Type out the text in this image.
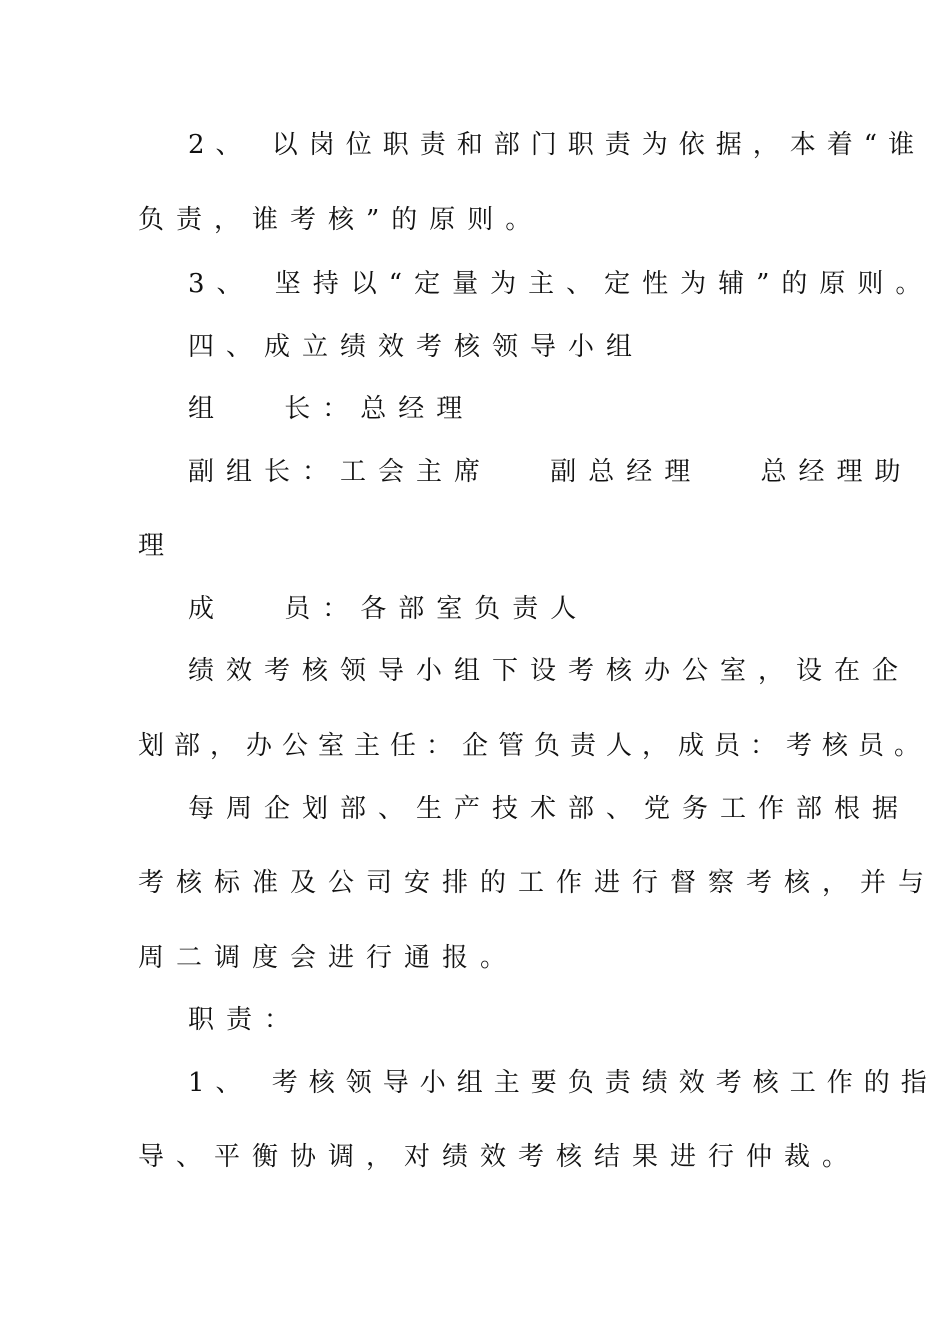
2、 以岗位职责和部门职责为依据，本着“谁
负责，谁考核”的原则。
3、 坚持以“定量为主、定性为辅”的原则。
四、成立绩效考核领导小组
组　 长：总经理
副组长：工会主席　 副总经理　 总经理助
理
成　 员：各部室负责人
绩效考核领导小组下设考核办公室，设在企
划部，办公室主任：企管负责人，成员：考核员。
每周企划部、生产技术部、党务工作部根据
考核标准及公司安排的工作进行督察考核，并与
周二调度会进行通报。
职责：
1、 考核领导小组主要负责绩效考核工作的指
导、平衡协调，对绩效考核结果进行仲裁。
